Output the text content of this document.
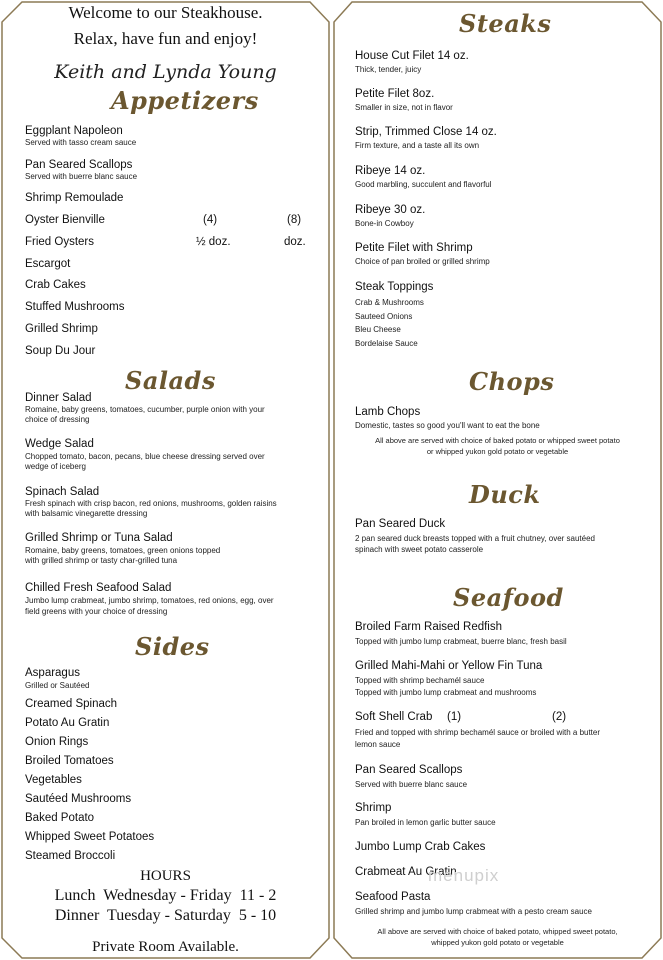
Welcome to our Steakhouse.
Relax, have fun and enjoy!
Keith and Lynda Young
Appetizers
Eggplant Napoleon
Served with tasso cream sauce
Pan Seared Scallops
Served with buerre blanc sauce
Shrimp Remoulade
Oyster Bienville	(4)	(8)
Fried Oysters	½ doz.	doz.
Escargot
Crab Cakes
Stuffed Mushrooms
Grilled Shrimp
Soup Du Jour
Salads
Dinner Salad
Romaine, baby greens, tomatoes, cucumber, purple onion with your
choice of dressing
Wedge Salad
Chopped tomato, bacon, pecans, blue cheese dressing served over
wedge of iceberg
Spinach Salad
Fresh spinach with crisp bacon, red onions, mushrooms, golden raisins
with balsamic vinegarette dressing
Grilled Shrimp or Tuna Salad
Romaine, baby greens, tomatoes, green onions topped
with grilled shrimp or tasty char-grilled tuna
Chilled Fresh Seafood Salad
Jumbo lump crabmeat, jumbo shrimp, tomatoes, red onions, egg, over
field greens with your choice of dressing
Sides
Asparagus
Grilled or Sautéed
Creamed Spinach
Potato Au Gratin
Onion Rings
Broiled Tomatoes
Vegetables
Sautéed Mushrooms
Baked Potato
Whipped Sweet Potatoes
Steamed Broccoli
HOURS
Lunch  Wednesday - Friday  11 - 2
Dinner  Tuesday - Saturday  5 - 10
Private Room Available.
Steaks
House Cut Filet 14 oz.
Thick, tender, juicy
Petite Filet 8oz.
Smaller in size, not in flavor
Strip, Trimmed Close 14 oz.
Firm texture, and a taste all its own
Ribeye 14 oz.
Good marbling, succulent and flavorful
Ribeye 30 oz.
Bone-in Cowboy
Petite Filet with Shrimp
Choice of pan broiled or grilled shrimp
Steak Toppings
Crab & Mushrooms
Sauteed Onions
Bleu Cheese
Bordelaise Sauce
Chops
Lamb Chops
Domestic, tastes so good you'll want to eat the bone
All above are served with choice of baked potato or whipped sweet potato
or whipped yukon gold potato or vegetable
Duck
Pan Seared Duck
2 pan seared duck breasts topped with a fruit chutney, over sautéed
spinach with sweet potato casserole
Seafood
Broiled Farm Raised Redfish
Topped with jumbo lump crabmeat, buerre blanc, fresh basil
Grilled Mahi-Mahi or Yellow Fin Tuna
Topped with shrimp bechamél sauce
Topped with jumbo lump crabmeat and mushrooms
Soft Shell Crab (1)	(2)
Fried and topped with shrimp bechamél sauce or broiled with a butter
lemon sauce
Pan Seared Scallops
Served with buerre blanc sauce
Shrimp
Pan broiled in lemon garlic butter sauce
Jumbo Lump Crab Cakes
Crabmeat Au Gratin
Seafood Pasta
Grilled shrimp and jumbo lump crabmeat with a pesto cream sauce
All above are served with choice of baked potato, whipped sweet potato,
whipped yukon gold potato or vegetable
menupix
